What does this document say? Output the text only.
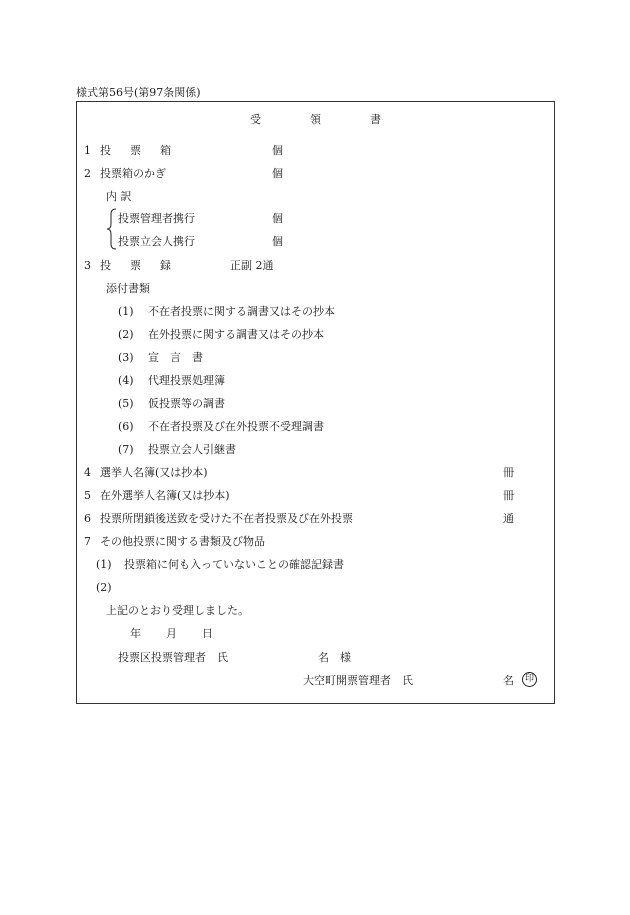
様式第56号(第97条関係)
受	領	書
1 投 票 箱	個
2 投票箱のかぎ	個
内 訳
投票管理者携行	個
投票立会人携行	個
3 投 票 録	正副 2通
添付書類
(1) 不在者投票に関する調書又はその抄本
(2) 在外投票に関する調書又はその抄本
(3) 宣　言　書
(4) 代理投票処理簿
(5) 仮投票等の調書
(6) 不在者投票及び在外投票不受理調書
(7) 投票立会人引継書
4 選挙人名簿(又は抄本)	冊
5 在外選挙人名簿(又は抄本)	冊
6 投票所閉鎖後送致を受けた不在者投票及び在外投票	通
7 その他投票に関する書類及び物品
(1) 投票箱に何も入っていないことの確認記録書
(2)
上記のとおり受理しました。
年 月 日
投票区投票管理者　氏	名　様
大空町開票管理者　氏	名	印
